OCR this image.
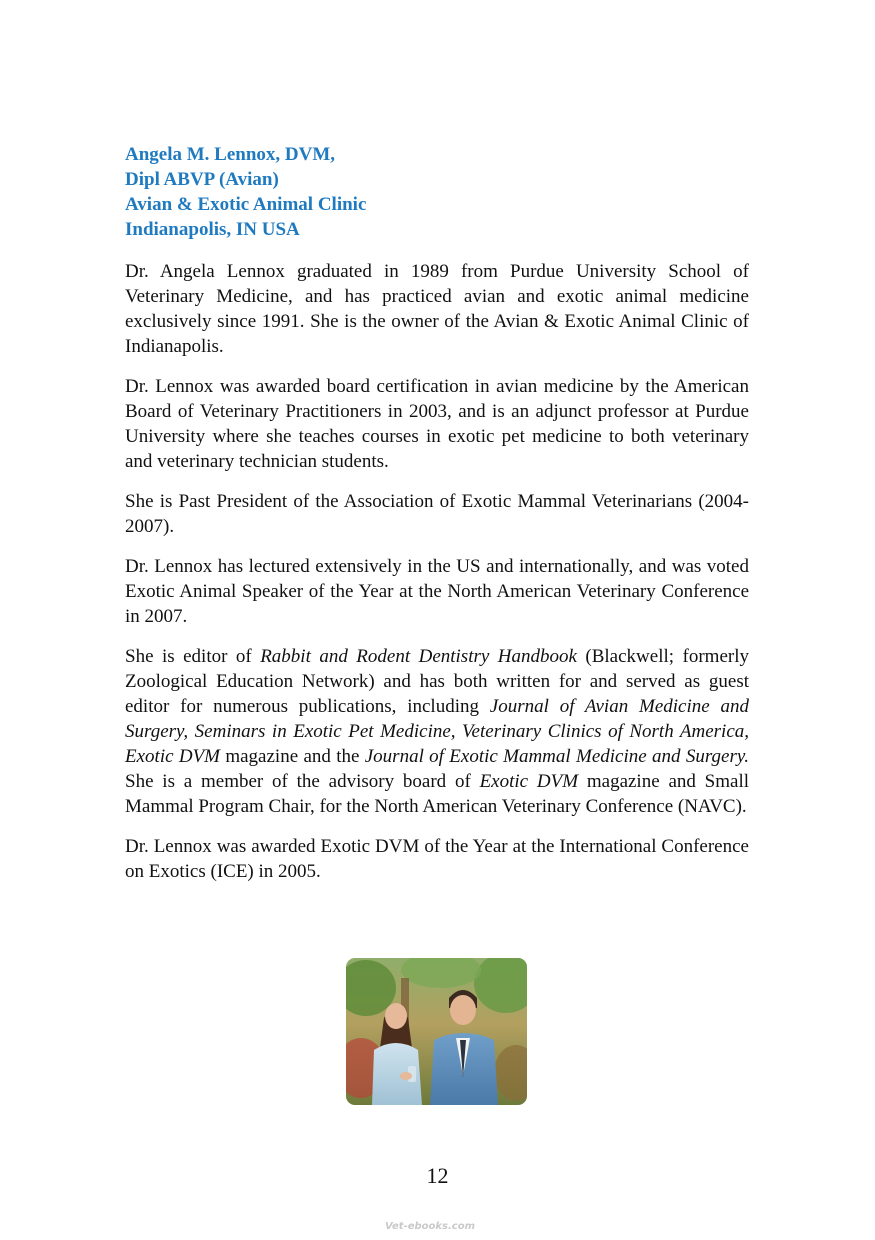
Angela M. Lennox, DVM,
Dipl ABVP (Avian)
Avian & Exotic Animal Clinic
Indianapolis, IN USA

Dr. Angela Lennox graduated in 1989 from Purdue University School of Veterinary Medicine, and has practiced avian and exotic animal medicine exclusively since 1991. She is the owner of the Avian & Exotic Animal Clinic of Indianapolis.

Dr. Lennox was awarded board certification in avian medicine by the American Board of Veterinary Practitioners in 2003, and is an adjunct professor at Purdue University where she teaches courses in exotic pet medicine to both veterinary and veterinary technician students.

She is Past President of the Association of Exotic Mammal Veterinarians (2004-2007).

Dr. Lennox has lectured extensively in the US and internationally, and was voted Exotic Animal Speaker of the Year at the North American Veterinary Conference in 2007.

She is editor of Rabbit and Rodent Dentistry Handbook (Blackwell; formerly Zoological Education Network) and has both written for and served as guest editor for numerous publications, including Journal of Avian Medicine and Surgery, Seminars in Exotic Pet Medicine, Veterinary Clinics of North America, Exotic DVM magazine and the Journal of Exotic Mammal Medicine and Surgery. She is a member of the advisory board of Exotic DVM magazine and Small Mammal Program Chair, for the North American Veterinary Conference (NAVC).

Dr. Lennox was awarded Exotic DVM of the Year at the International Conference on Exotics (ICE) in 2005.

12
Vet-ebooks.com
